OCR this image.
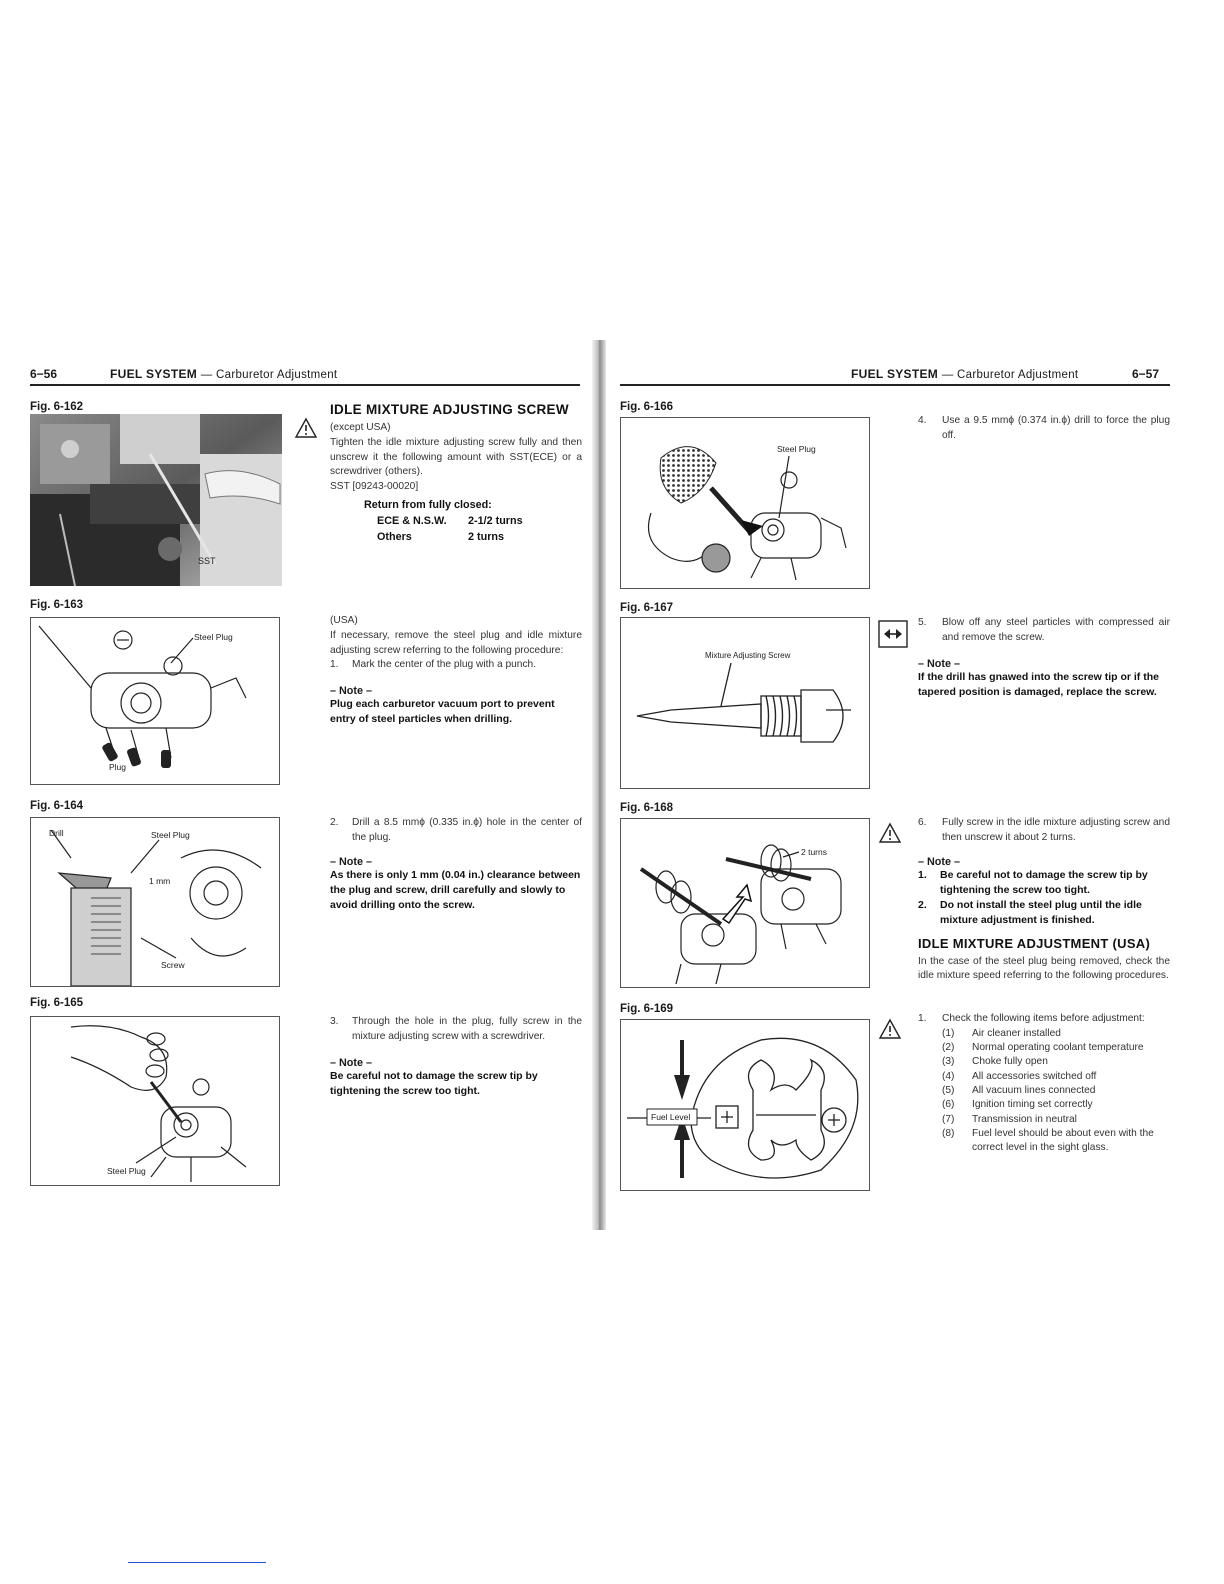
6−56	FUEL SYSTEM — Carburetor Adjustment
Fig. 6-162
SST
Fig. 6-163
Steel Plug
Plug
Fig. 6-164
Drill	Steel Plug
1 mm
Screw
Fig. 6-165
Steel Plug
IDLE MIXTURE ADJUSTING SCREW
(except USA)
Tighten the idle mixture adjusting screw fully and then unscrew it the following amount with SST(ECE) or a screwdriver (others).
SST [09243-00020]
Return from fully closed:
ECE & N.S.W.	2-1/2 turns
Others	2 turns
(USA)
If necessary, remove the steel plug and idle mixture adjusting screw referring to the following procedure:
1.	Mark the center of the plug with a punch.
– Note –
Plug each carburetor vacuum port to prevent entry of steel particles when drilling.
2.	Drill a 8.5 mmϕ (0.335 in.ϕ) hole in the center of the plug.
– Note –
As there is only 1 mm (0.04 in.) clearance between the plug and screw, drill carefully and slowly to avoid drilling onto the screw.
3.	Through the hole in the plug, fully screw in the mixture adjusting screw with a screwdriver.
– Note –
Be careful not to damage the screw tip by tightening the screw too tight.
FUEL SYSTEM — Carburetor Adjustment	6−57
Fig. 6-166
Steel Plug
Fig. 6-167
Mixture Adjusting Screw
Fig. 6-168
2 turns
Fig. 6-169
Fuel Level
4.	Use a 9.5 mmϕ (0.374 in.ϕ) drill to force the plug off.
5.	Blow off any steel particles with compressed air and remove the screw.
– Note –
If the drill has gnawed into the screw tip or if the tapered position is damaged, replace the screw.
6.	Fully screw in the idle mixture adjusting screw and then unscrew it about 2 turns.
– Note –
1.	Be careful not to damage the screw tip by tightening the screw too tight.
2.	Do not install the steel plug until the idle mixture adjustment is finished.
IDLE MIXTURE ADJUSTMENT (USA)
In the case of the steel plug being removed, check the idle mixture speed referring to the following procedures.
1.	Check the following items before adjustment:
(1)	Air cleaner installed
(2)	Normal operating coolant temperature
(3)	Choke fully open
(4)	All accessories switched off
(5)	All vacuum lines connected
(6)	Ignition timing set correctly
(7)	Transmission in neutral
(8)	Fuel level should be about even with the correct level in the sight glass.
